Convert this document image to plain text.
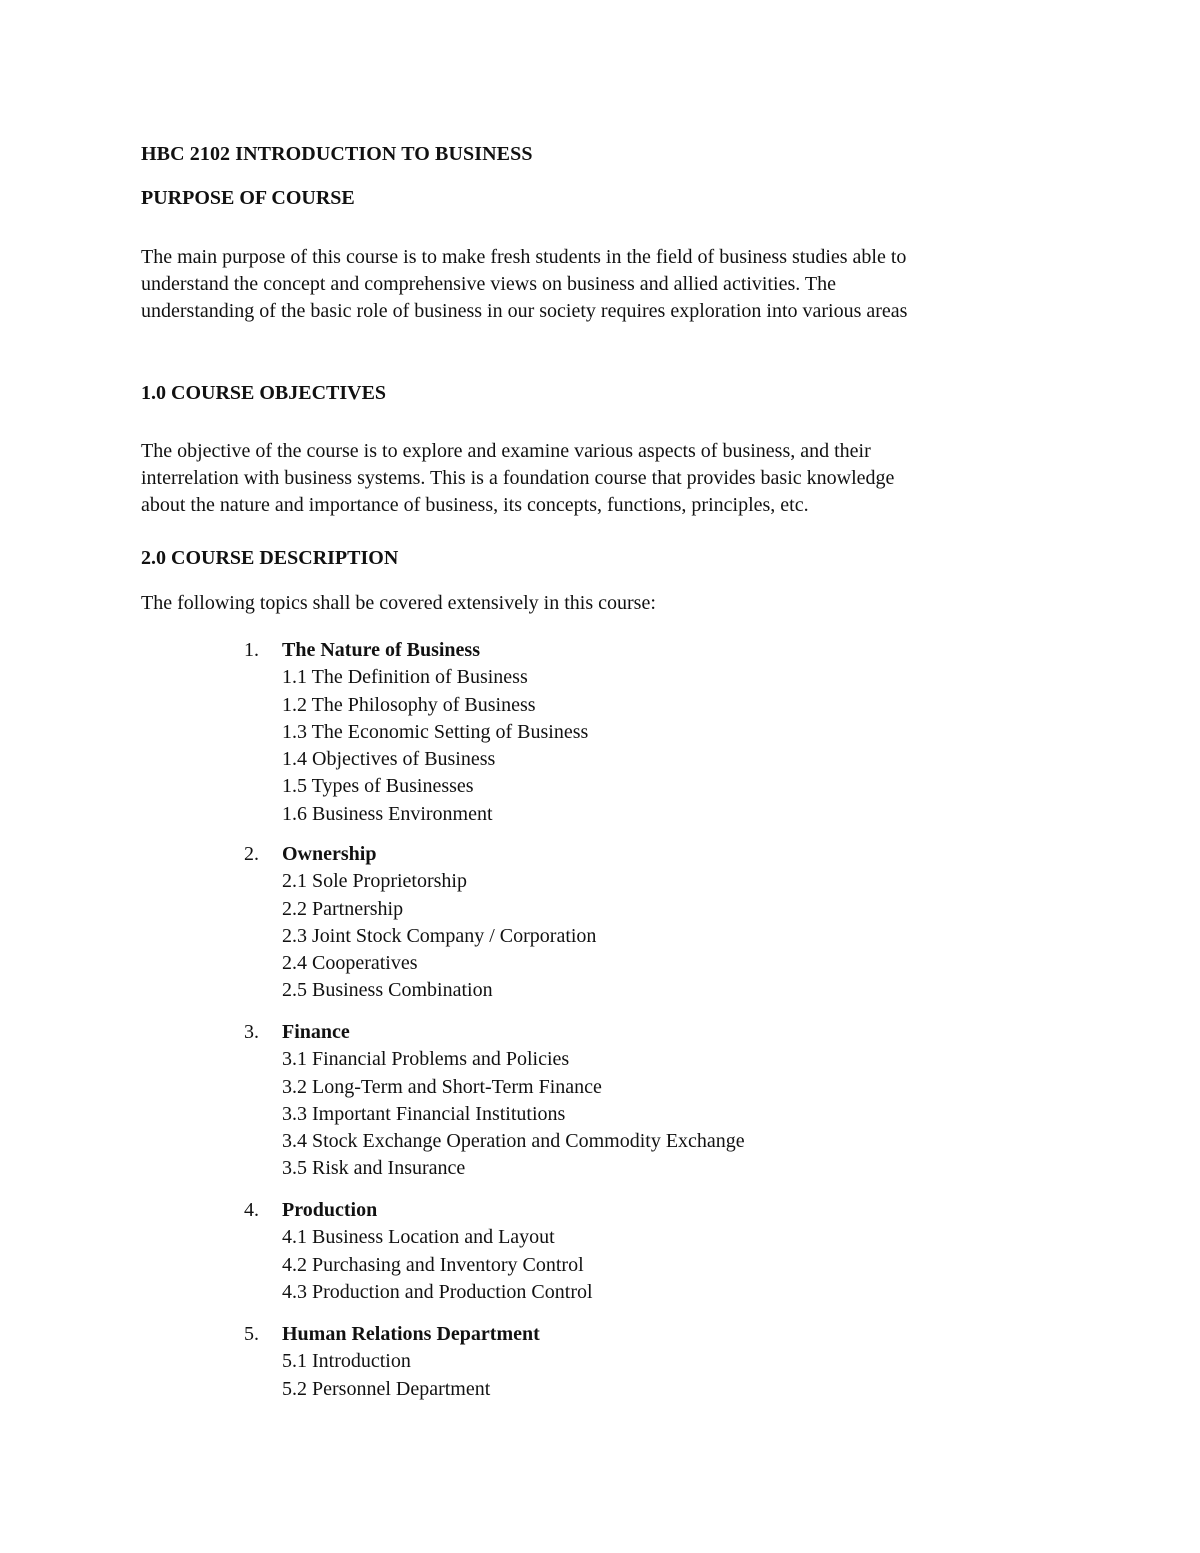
HBC 2102 INTRODUCTION TO BUSINESS
PURPOSE OF COURSE
The main purpose of this course is to make fresh students in the field of business studies able to
understand the concept and comprehensive views on business and allied activities. The
understanding of the basic role of business in our society requires exploration into various areas
1.0 COURSE OBJECTIVES
The objective of the course is to explore and examine various aspects of business, and their
interrelation with business systems. This is a foundation course that provides basic knowledge
about the nature and importance of business, its concepts, functions, principles, etc.
2.0 COURSE DESCRIPTION
The following topics shall be covered extensively in this course:
1.	The Nature of Business
1.1 The Definition of Business
1.2 The Philosophy of Business
1.3 The Economic Setting of Business
1.4 Objectives of Business
1.5 Types of Businesses
1.6 Business Environment
2.	Ownership
2.1 Sole Proprietorship
2.2 Partnership
2.3 Joint Stock Company / Corporation
2.4 Cooperatives
2.5 Business Combination
3.	Finance
3.1 Financial Problems and Policies
3.2 Long-Term and Short-Term Finance
3.3 Important Financial Institutions
3.4 Stock Exchange Operation and Commodity Exchange
3.5 Risk and Insurance
4.	Production
4.1 Business Location and Layout
4.2 Purchasing and Inventory Control
4.3 Production and Production Control
5.	Human Relations Department
5.1 Introduction
5.2 Personnel Department
